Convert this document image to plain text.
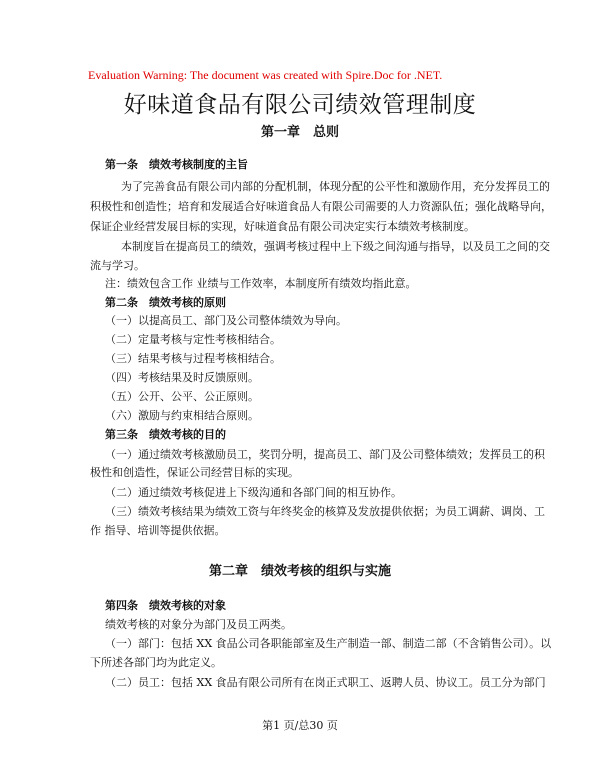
Evaluation Warning: The document was created with Spire.Doc for .NET.
好味道食品有限公司绩效管理制度
第一章　总则
第一条　绩效考核制度的主旨
为了完善食品有限公司内部的分配机制，体现分配的公平性和激励作用，充分发挥员工的
积极性和创造性；培育和发展适合好味道食品人有限公司需要的人力资源队伍；强化战略导向，
保证企业经营发展目标的实现，好味道食品有限公司决定实行本绩效考核制度。
本制度旨在提高员工的绩效，强调考核过程中上下级之间沟通与指导，以及员工之间的交
流与学习。
注：绩效包含工作 业绩与工作效率，本制度所有绩效均指此意。
第二条　绩效考核的原则
（一）以提高员工、部门及公司整体绩效为导向。
（二）定量考核与定性考核相结合。
（三）结果考核与过程考核相结合。
（四）考核结果及时反馈原则。
（五）公开、公平、公正原则。
（六）激励与约束相结合原则。
第三条　绩效考核的目的
（一）通过绩效考核激励员工，奖罚分明，提高员工、部门及公司整体绩效；发挥员工的积
极性和创造性，保证公司经营目标的实现。
（二）通过绩效考核促进上下级沟通和各部门间的相互协作。
（三）绩效考核结果为绩效工资与年终奖金的核算及发放提供依据；为员工调薪、调岗、工
作 指导、培训等提供依据。
第二章　绩效考核的组织与实施
第四条　绩效考核的对象
绩效考核的对象分为部门及员工两类。
（一）部门：包括 XX 食品公司各职能部室及生产制造一部、制造二部（不含销售公司）。以
下所述各部门均为此定义。
（二）员工：包括 XX 食品有限公司所有在岗正式职工、返聘人员、协议工。员工分为部门
第1 页/总30 页
